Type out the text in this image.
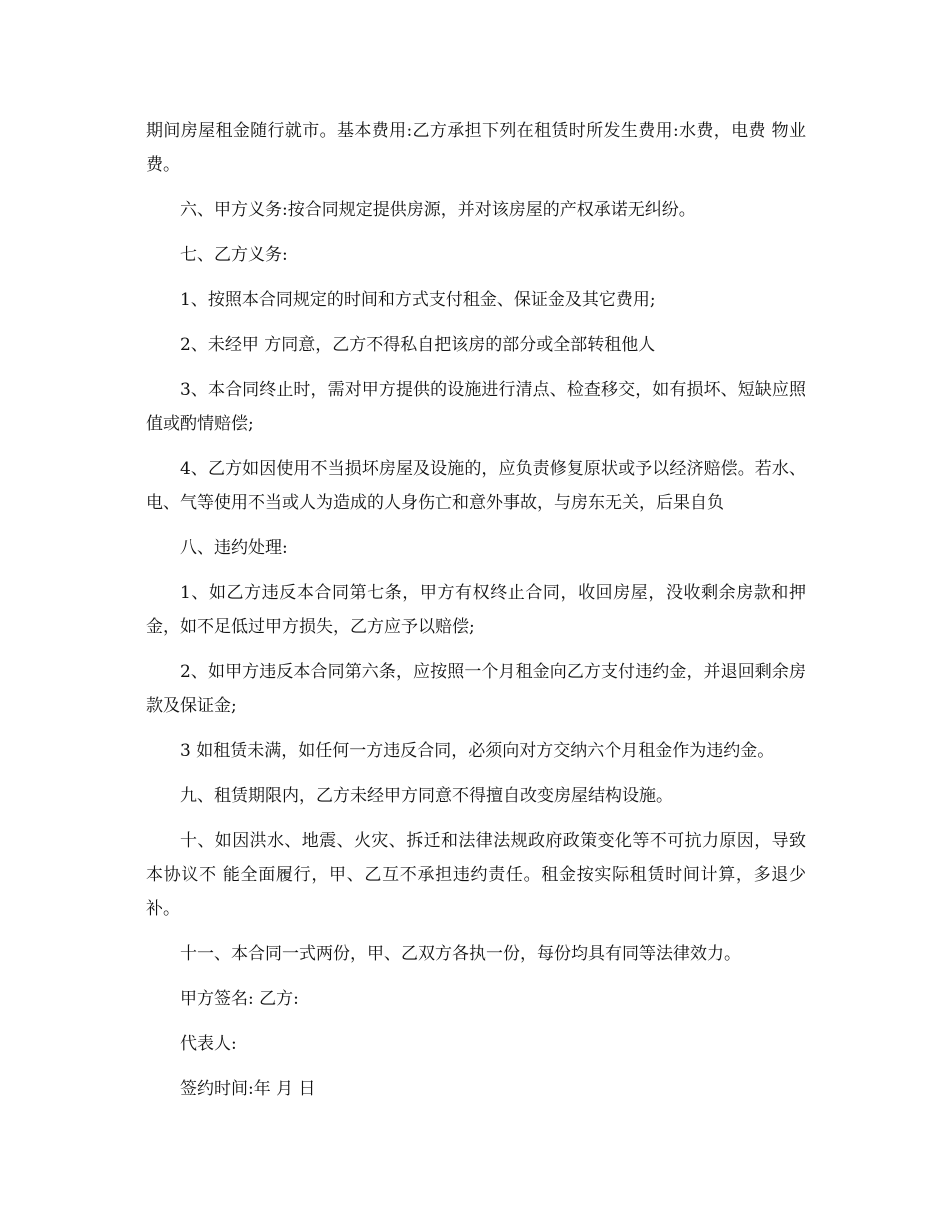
期间房屋租金随行就市。基本费用:乙方承担下列在租赁时所发生费用:水费，电费 物业费。

六、甲方义务:按合同规定提供房源，并对该房屋的产权承诺无纠纷。

七、乙方义务:

1、按照本合同规定的时间和方式支付租金、保证金及其它费用;

2、未经甲 方同意，乙方不得私自把该房的部分或全部转租他人

3、本合同终止时，需对甲方提供的设施进行清点、检查移交，如有损坏、短缺应照值或酌情赔偿;

4、乙方如因使用不当损坏房屋及设施的，应负责修复原状或予以经济赔偿。若水、电、气等使用不当或人为造成的人身伤亡和意外事故，与房东无关，后果自负

八、违约处理:

1、如乙方违反本合同第七条，甲方有权终止合同，收回房屋，没收剩余房款和押金，如不足低过甲方损失，乙方应予以赔偿;

2、如甲方违反本合同第六条，应按照一个月租金向乙方支付违约金，并退回剩余房款及保证金;

3 如租赁未满，如任何一方违反合同，必须向对方交纳六个月租金作为违约金。

九、租赁期限内，乙方未经甲方同意不得擅自改变房屋结构设施。

十、如因洪水、地震、火灾、拆迁和法律法规政府政策变化等不可抗力原因，导致本协议不 能全面履行，甲、乙互不承担违约责任。租金按实际租赁时间计算，多退少补。

十一、本合同一式两份，甲、乙双方各执一份，每份均具有同等法律效力。

甲方签名: 乙方:

代表人:

签约时间:年 月 日
